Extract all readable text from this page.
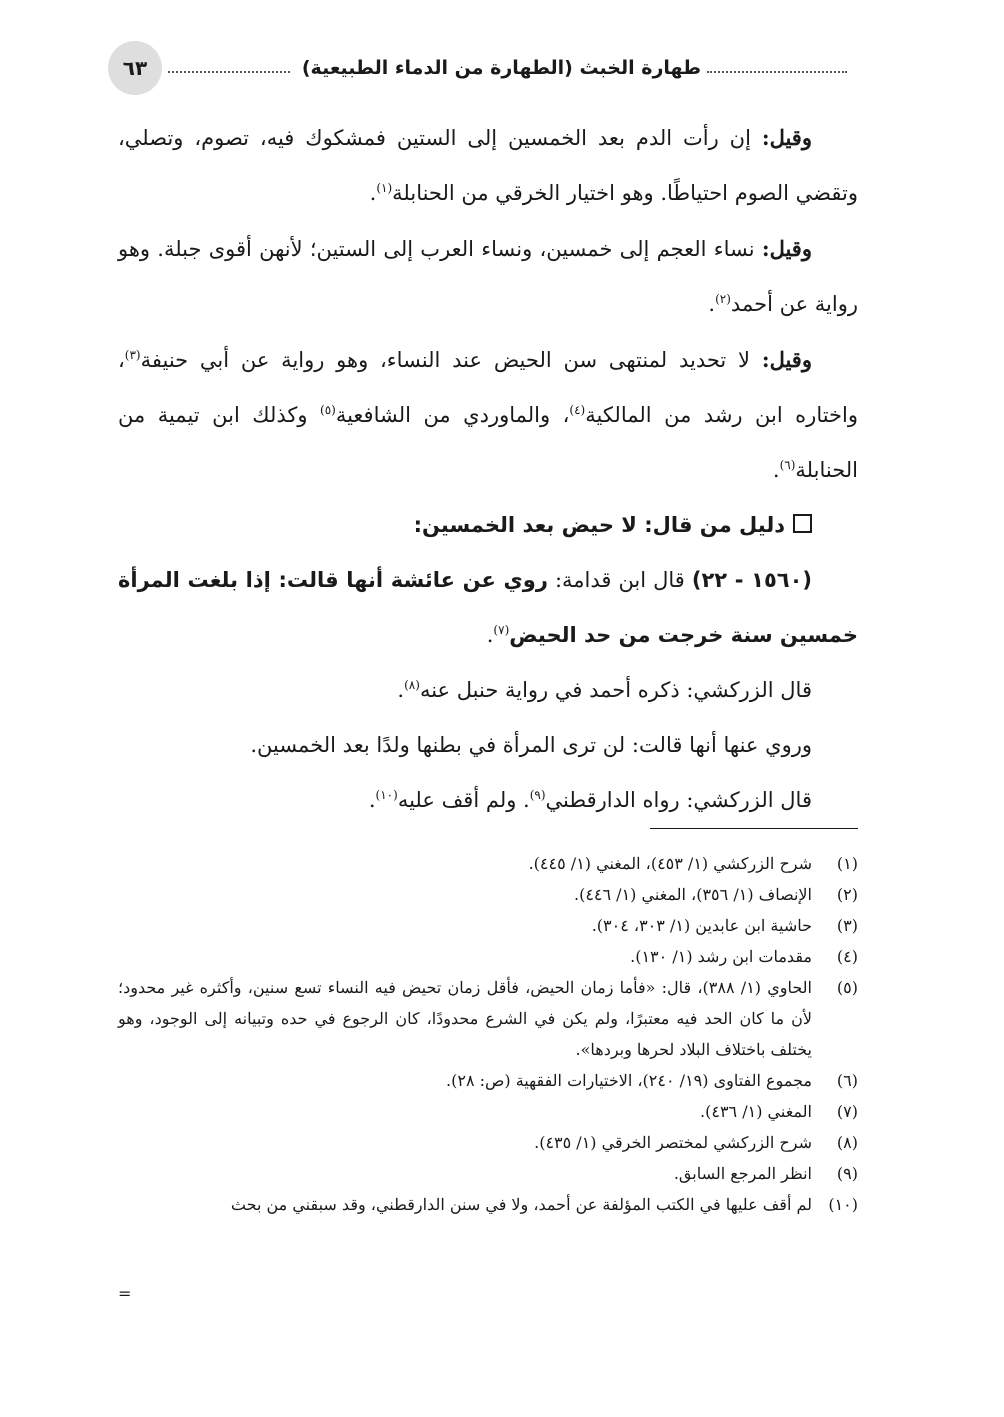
طهارة الخبث (الطهارة من الدماء الطبيعية)
٦٣

وقيل: إن رأت الدم بعد الخمسين إلى الستين فمشكوك فيه، تصوم، وتصلي، وتقضي الصوم احتياطًا. وهو اختيار الخرقي من الحنابلة$^{(١)}$.

وقيل: نساء العجم إلى خمسين، ونساء العرب إلى الستين؛ لأنهن أقوى جبلة. وهو رواية عن أحمد$^{(٢)}$.

وقيل: لا تحديد لمنتهى سن الحيض عند النساء، وهو رواية عن أبي حنيفة$^{(٣)}$، واختاره ابن رشد من المالكية$^{(٤)}$، والماوردي من الشافعية$^{(٥)}$ وكذلك ابن تيمية من الحنابلة$^{(٦)}$.

دليل من قال: لا حيض بعد الخمسين:

(١٥٦٠ - ٢٢) قال ابن قدامة: روي عن عائشة أنها قالت: إذا بلغت المرأة خمسين سنة خرجت من حد الحيض$^{(٧)}$.

قال الزركشي: ذكره أحمد في رواية حنبل عنه$^{(٨)}$.

وروي عنها أنها قالت: لن ترى المرأة في بطنها ولدًا بعد الخمسين.

قال الزركشي: رواه الدارقطني$^{(٩)}$. ولم أقف عليه$^{(١٠)}$.

(١)
شرح الزركشي (١/ ٤٥٣)، المغني (١/ ٤٤٥).
(٢)
الإنصاف (١/ ٣٥٦)، المغني (١/ ٤٤٦).
(٣)
حاشية ابن عابدين (١/ ٣٠٣، ٣٠٤).
(٤)
مقدمات ابن رشد (١/ ١٣٠).
(٥)
الحاوي (١/ ٣٨٨)، قال: «فأما زمان الحيض، فأقل زمان تحيض فيه النساء تسع سنين، وأكثره غير محدود؛ لأن ما كان الحد فيه معتبرًا، ولم يكن في الشرع محدودًا، كان الرجوع في حده وتبيانه إلى الوجود، وهو يختلف باختلاف البلاد لحرها وبردها».
(٦)
مجموع الفتاوى (١٩/ ٢٤٠)، الاختيارات الفقهية (ص: ٢٨).
(٧)
المغني (١/ ٤٣٦).
(٨)
شرح الزركشي لمختصر الخرقي (١/ ٤٣٥).
(٩)
انظر المرجع السابق.
(١٠)
لم أقف عليها في الكتب المؤلفة عن أحمد، ولا في سنن الدارقطني، وقد سبقني من بحث
=
